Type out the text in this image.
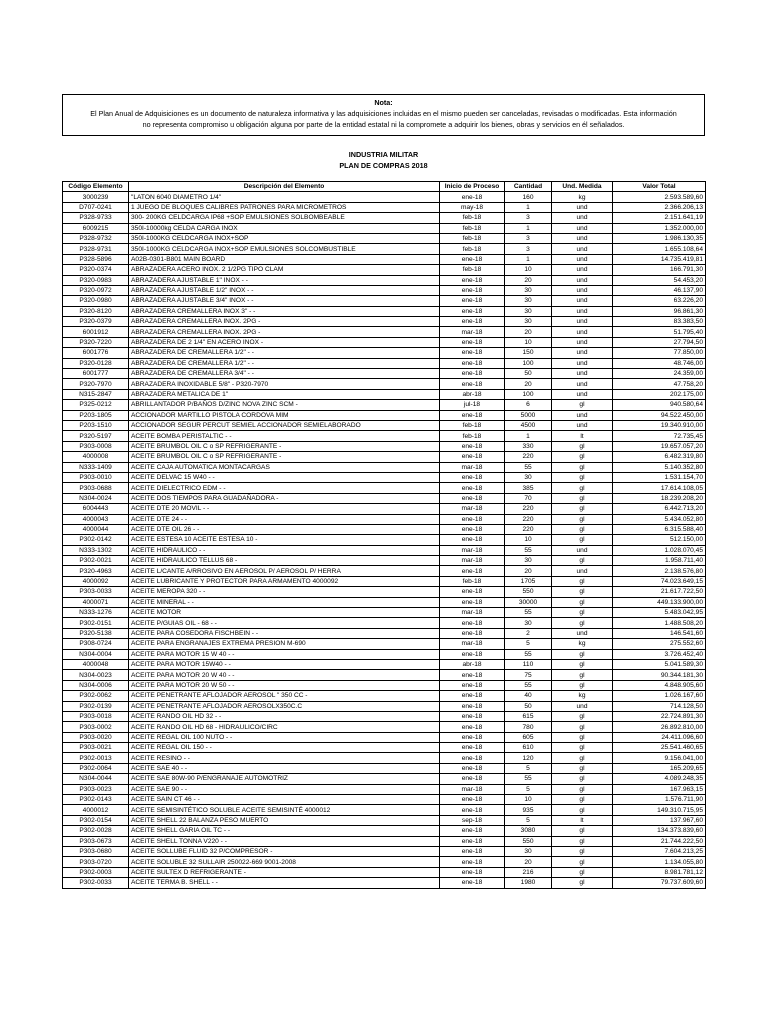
Nota:
El Plan Anual de Adquisiciones es un documento de naturaleza informativa y las adquisiciones incluidas en el mismo pueden ser canceladas, revisadas o modificadas. Esta información
no representa compromiso u obligación alguna por parte de la entidad estatal ni la compromete a adquirir los bienes, obras y servicios en él señalados.
INDUSTRIA MILITAR
PLAN DE COMPRAS 2018
Código Elemento	Descripción del Elemento	Inicio de Proceso	Cantidad	Und. Medida	Valor Total
3000239	"LATON 6040 DIAMETRO 1/4"	ene-18	160	kg	2.593.589,60
D707-0241	1 JUEGO DE BLOQUES CALIBRES PATRONES PARA MICROMETROS	may-18	1	und	2.366.206,13
P328-9733	300- 200KG CELDCARGA IP68 +SOP EMULSIONES SOLBOMBEABLE	feb-18	3	und	2.151.641,19
6009215	350I-10000kg CELDA CARGA INOX	feb-18	1	und	1.352.000,00
P328-9732	350I-1000KG CELDCARGA INOX+SOP	feb-18	3	und	1.986.130,35
P328-9731	350I-1000KG CELDCARGA INOX+SOP EMULSIONES SOLCOMBUSTIBLE	feb-18	3	und	1.655.108,64
P328-5896	A02B-0301-B801 MAIN BOARD	ene-18	1	und	14.735.419,81
P320-0374	ABRAZADERA ACERO INOX. 2 1/2PG TIPO CLAM	feb-18	10	und	166.791,30
P320-0983	ABRAZADERA AJUSTABLE 1" INOX - -	ene-18	20	und	54.453,20
P320-0972	ABRAZADERA AJUSTABLE 1/2" INOX - -	ene-18	30	und	46.137,90
P320-0980	ABRAZADERA AJUSTABLE 3/4" INOX - -	ene-18	30	und	63.226,20
P320-8120	ABRAZADERA CREMALLERA INOX 3" - -	ene-18	30	und	96.861,30
P320-0379	ABRAZADERA CREMALLERA INOX. 2PG -	ene-18	30	und	83.383,50
6001912	ABRAZADERA CREMALLERA INOX. 2PG -	mar-18	20	und	51.795,40
P320-7220	ABRAZADERA DE 2 1/4" EN ACERO INOX -	ene-18	10	und	27.794,50
6001776	ABRAZADERA DE CREMALLERA 1/2" - -	ene-18	150	und	77.850,00
P320-0128	ABRAZADERA DE CREMALLERA 1/2" - -	ene-18	100	und	48.746,00
6001777	ABRAZADERA DE CREMALLERA 3/4" - -	ene-18	50	und	24.359,00
P320-7970	ABRAZADERA INOXIDABLE 5/8" - P320-7970	ene-18	20	und	47.758,20
N315-2847	ABRAZADERA METALICA DE 1"	abr-18	100	und	202.175,00
P325-0212	ABRILLANTADOR P/BAÑOS D/ZINC NOVA ZINC SCM -	jul-18	6	gl	940.580,64
P203-1805	ACCIONADOR MARTILLO PISTOLA CORDOVA MIM	ene-18	5000	und	94.522.450,00
P203-1510	ACCIONADOR SEGUR PERCUT SEMIEL ACCIONADOR SEMIELABORADO	feb-18	4500	und	19.340.910,00
P320-5197	ACEITE BOMBA PERISTALTIC - -	feb-18	1	lt	72.735,45
P303-0008	ACEITE BRUMBOL OIL C o SP REFRIGERANTE -	ene-18	330	gl	19.657.057,20
4000008	ACEITE BRUMBOL OIL C o SP REFRIGERANTE -	ene-18	220	gl	6.482.319,80
N333-1409	ACEITE CAJA AUTOMATICA MONTACARGAS	mar-18	55	gl	5.140.352,80
P303-0010	ACEITE DELVAC 15 W40 - -	ene-18	30	gl	1.531.154,70
P303-0688	ACEITE DIELECTRICO EDM - -	ene-18	385	gl	17.614.108,05
N304-0024	ACEITE DOS TIEMPOS PARA GUADAÑADORA -	ene-18	70	gl	18.239.208,20
6004443	ACEITE DTE 20 MOVIL - -	mar-18	220	gl	6.442.713,20
4000043	ACEITE DTE 24 - -	ene-18	220	gl	5.434.052,80
4000044	ACEITE DTE OIL 26 - -	ene-18	220	gl	6.315.588,40
P302-0142	ACEITE ESTESA 10 ACEITE ESTESA 10 -	ene-18	10	gl	512.150,00
N333-1302	ACEITE HIDRAULICO - -	mar-18	55	und	1.028.070,45
P302-0021	ACEITE HIDRAULICO TELLUS 68 -	mar-18	30	gl	1.958.711,40
P320-4963	ACEITE L/CANTE A/RROSIVO EN AEROSOL P/ AEROSOL P/ HERRA	ene-18	20	und	2.138.576,80
4000092	ACEITE LUBRICANTE Y PROTECTOR PARA ARMAMENTO 4000092	feb-18	1705	gl	74.023.649,15
P303-0033	ACEITE MEROPA 320 - -	ene-18	550	gl	21.617.722,50
4000071	ACEITE MINERAL - -	ene-18	30000	gl	449.133.900,00
N333-1276	ACEITE MOTOR	mar-18	55	gl	5.483.042,95
P302-0151	ACEITE P/GUIAS OIL - 68 - -	ene-18	30	gl	1.488.508,20
P320-5138	ACEITE PARA COSEDORA FISCHBEIN - -	ene-18	2	und	146.541,60
P308-0724	ACEITE PARA ENGRANAJES EXTREMA PRESION M-690	mar-18	5	kg	275.552,60
N304-0004	ACEITE PARA MOTOR 15 W 40 - -	ene-18	55	gl	3.726.452,40
4000048	ACEITE PARA MOTOR 15W40 - -	abr-18	110	gl	5.041.589,30
N304-0023	ACEITE PARA MOTOR 20 W 40 - -	ene-18	75	gl	90.344.181,30
N304-0006	ACEITE PARA MOTOR 20 W 50 - -	ene-18	55	gl	4.848.905,60
P302-0062	ACEITE PENETRANTE AFLOJADOR AEROSOL " 350 CC -	ene-18	40	kg	1.026.167,60
P302-0139	ACEITE PENETRANTE AFLOJADOR AEROSOLX350C.C	ene-18	50	und	714.128,50
P303-0018	ACEITE RANDO OIL HD 32 - -	ene-18	615	gl	22.724.891,30
P303-0002	ACEITE RANDO OIL HD 68 - HIDRAULICO/CIRC	ene-18	780	gl	26.892.810,00
P303-0020	ACEITE REGAL OIL 100 NUTO - -	ene-18	605	gl	24.411.096,60
P303-0021	ACEITE REGAL OIL 150 - -	ene-18	610	gl	25.541.460,65
P302-0013	ACEITE RESINO - -	ene-18	120	gl	9.156.041,00
P302-0064	ACEITE SAE 40 - -	ene-18	5	gl	165.209,65
N304-0044	ACEITE SAE 80W-90 P/ENGRANAJE AUTOMOTRIZ	ene-18	55	gl	4.089.248,35
P303-0023	ACEITE SAE 90 - -	mar-18	5	gl	167.963,15
P302-0143	ACEITE SAIN CT 46 - -	ene-18	10	gl	1.576.711,90
4000012	ACEITE SEMISINTÉTICO SOLUBLE ACEITE SEMISINTÉ 4000012	ene-18	935	gl	149.310.715,95
P302-0154	ACEITE SHELL 22 BALANZA PESO MUERTO	sep-18	5	lt	137.967,60
P302-0028	ACEITE SHELL GARIA OIL TC - -	ene-18	3080	gl	134.373.839,60
P303-0673	ACEITE SHELL TONNA V220 - -	ene-18	550	gl	21.744.222,50
P303-0680	ACEITE SOLLUBE FLUID 32 P/COMPRESOR -	ene-18	30	gl	7.604.213,25
P303-0720	ACEITE SOLUBLE 32 SULLAIR 250022-669 9001-2008	ene-18	20	gl	1.134.055,80
P302-0003	ACEITE SULTEX D REFRIGERANTE -	ene-18	216	gl	8.981.781,12
P302-0033	ACEITE TERMA B. SHELL - -	ene-18	1980	gl	79.737.609,60
